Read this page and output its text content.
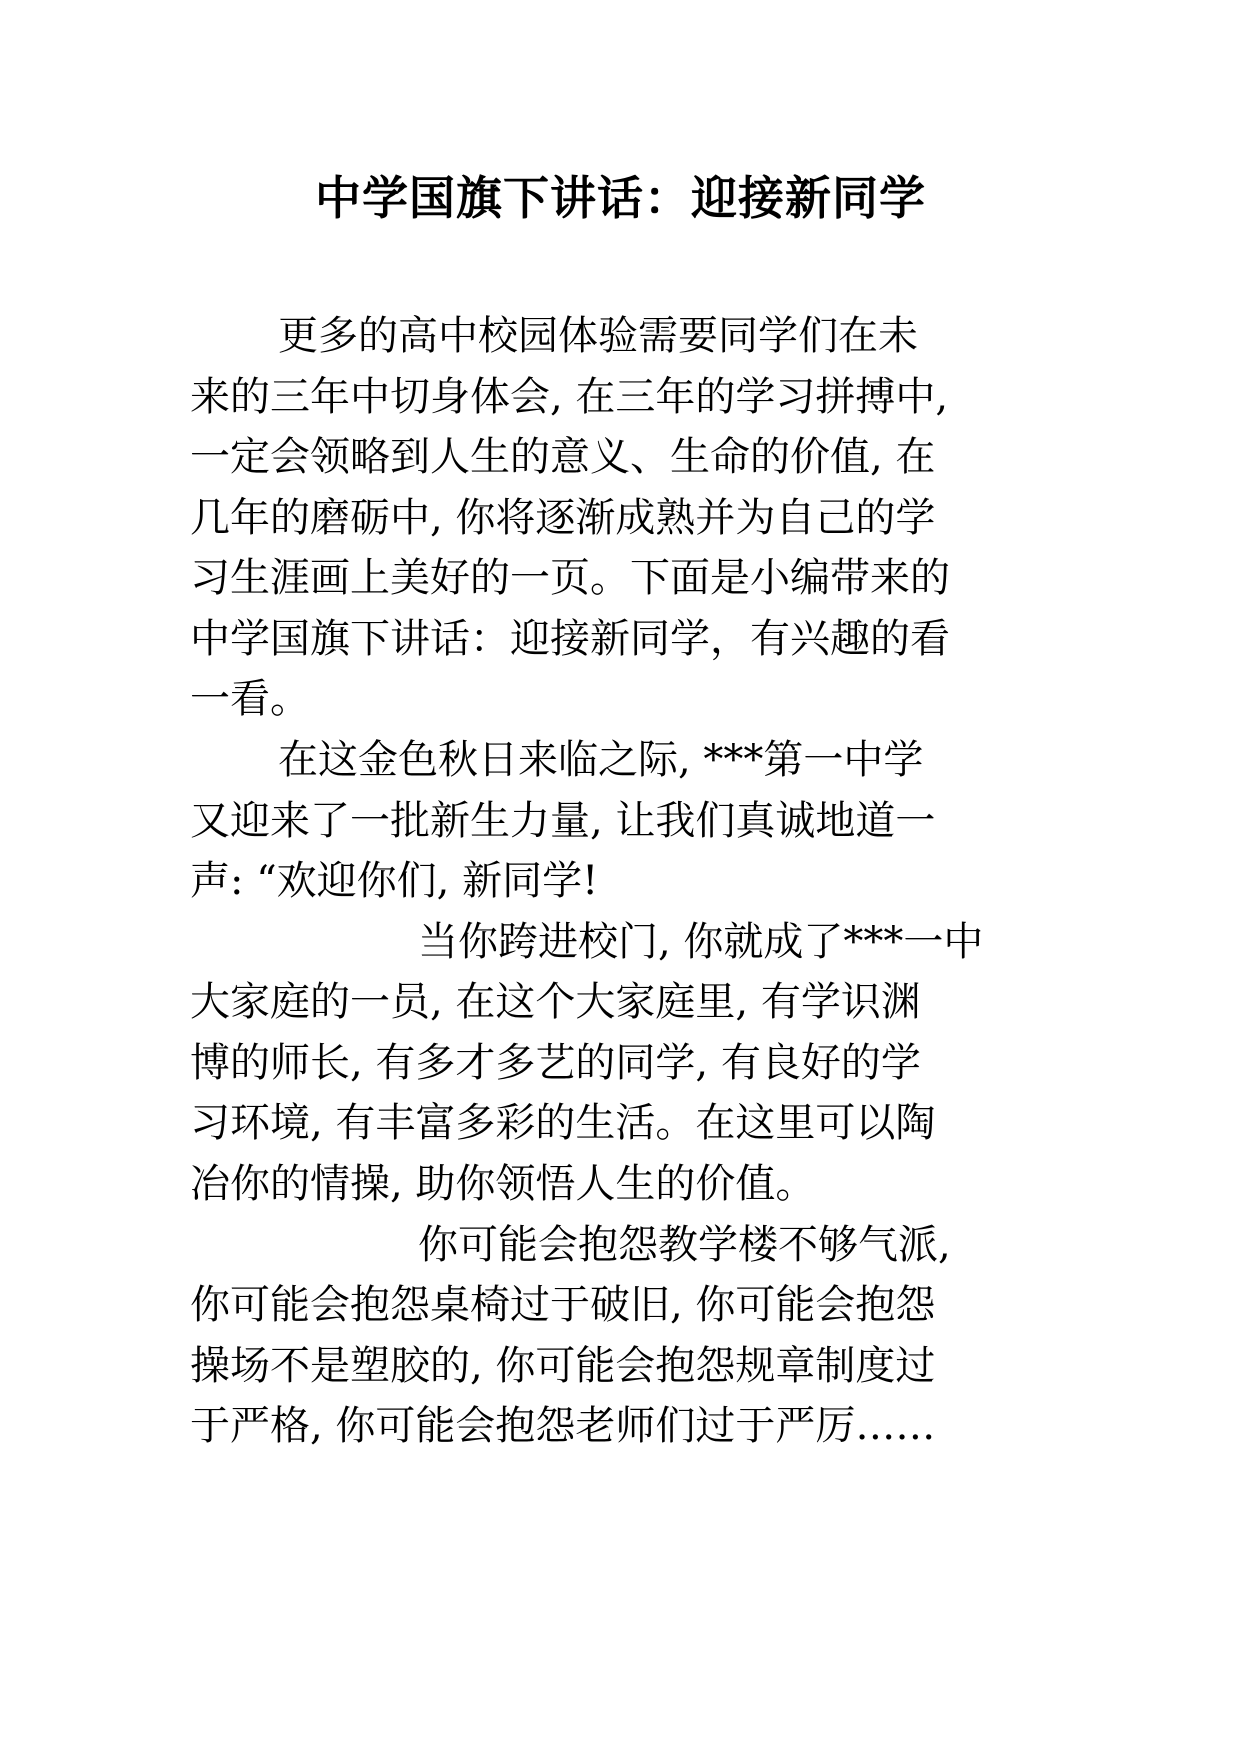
中学国旗下讲话：迎接新同学
更多的高中校园体验需要同学们在未
来的三年中切身体会, 在三年的学习拼搏中,
一定会领略到人生的意义、生命的价值, 在
几年的磨砺中, 你将逐渐成熟并为自己的学
习生涯画上美好的一页。下面是小编带来的
中学国旗下讲话：迎接新同学，有兴趣的看
一看。
在这金色秋日来临之际, ***第一中学
又迎来了一批新生力量, 让我们真诚地道一
声: “欢迎你们, 新同学!
当你跨进校门, 你就成了***一中
大家庭的一员, 在这个大家庭里, 有学识渊
博的师长, 有多才多艺的同学, 有良好的学
习环境, 有丰富多彩的生活。在这里可以陶
冶你的情操, 助你领悟人生的价值。
你可能会抱怨教学楼不够气派,
你可能会抱怨桌椅过于破旧, 你可能会抱怨
操场不是塑胶的, 你可能会抱怨规章制度过
于严格, 你可能会抱怨老师们过于严厉……
